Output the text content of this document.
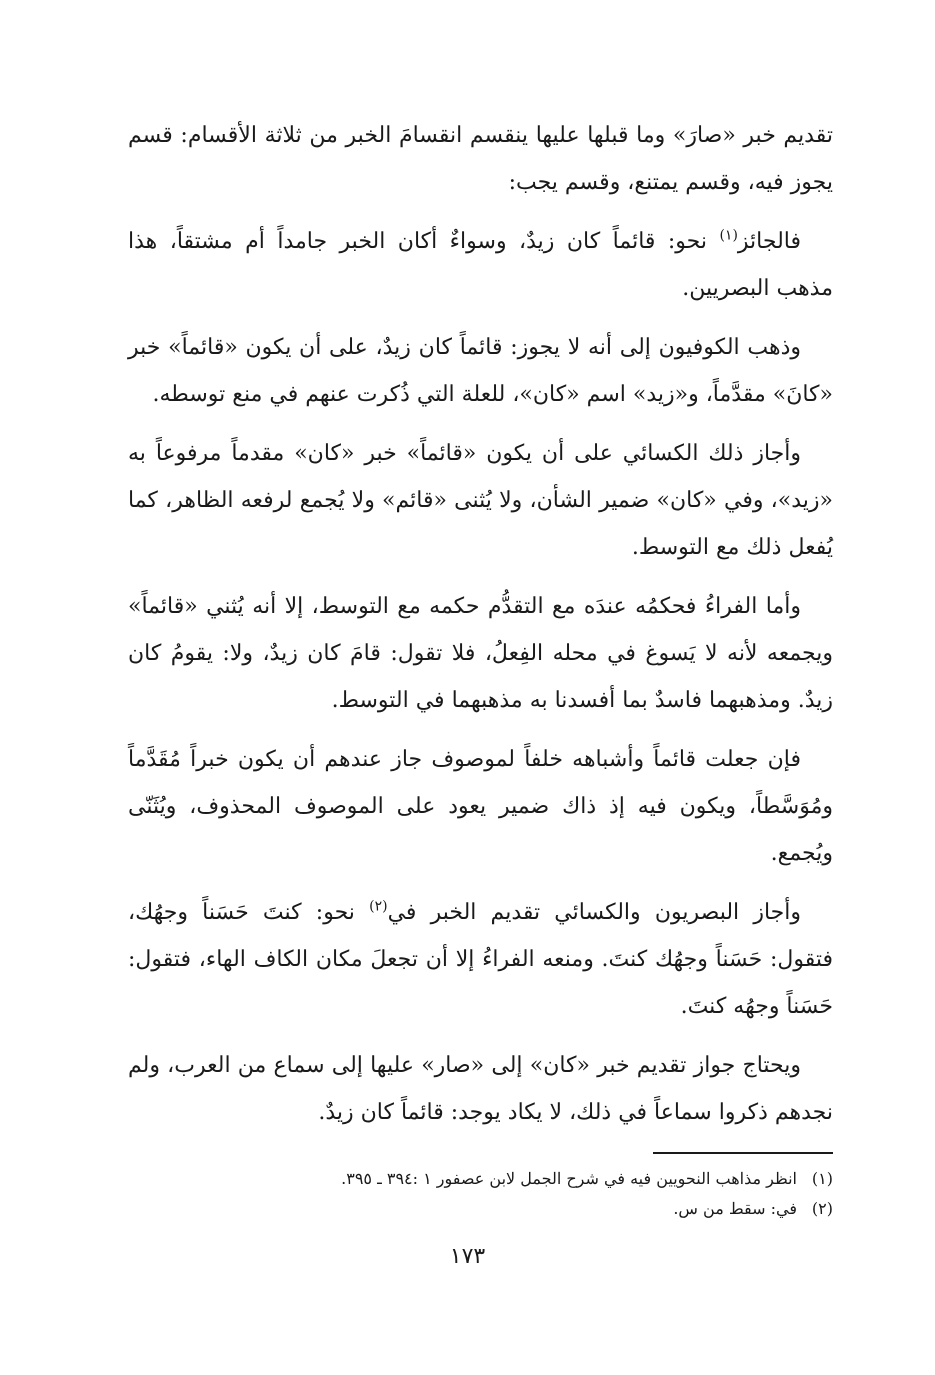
تقديم خبر «صارَ» وما قبلها عليها ينقسم انقسامَ الخبر من ثلاثة الأقسام: قسم يجوز فيه، وقسم يمتنع، وقسم يجب:

فالجائز$^{(١)}$ نحو: قائماً كان زيدٌ، وسواءٌ أكان الخبر جامداً أم مشتقاً، هذا مذهب البصريين.

وذهب الكوفيون إلى أنه لا يجوز: قائماً كان زيدٌ، على أن يكون «قائماً» خبر «كانَ» مقدَّماً، و«زيد» اسم «كان»، للعلة التي ذُكرت عنهم في منع توسطه.

وأجاز ذلك الكسائي على أن يكون «قائماً» خبر «كان» مقدماً مرفوعاً به «زيد»، وفي «كان» ضمير الشأن، ولا يُثنى «قائم» ولا يُجمع لرفعه الظاهر، كما يُفعل ذلك مع التوسط.

وأما الفراءُ فحكمُه عندَه مع التقدُّم حكمه مع التوسط، إلا أنه يُثني «قائماً» ويجمعه لأنه لا يَسوغ في محله الفِعلُ، فلا تقول: قامَ كان زيدٌ، ولا: يقومُ كان زيدٌ. ومذهبهما فاسدٌ بما أفسدنا به مذهبهما في التوسط.

فإن جعلت قائماً وأشباهه خلفاً لموصوف جاز عندهم أن يكون خبراً مُقَدَّماً ومُوَسَّطاً، ويكون فيه إذ ذاك ضمير يعود على الموصوف المحذوف، ويُثَنّى ويُجمع.

وأجاز البصريون والكسائي تقديم الخبر في$^{(٢)}$ نحو: كنتَ حَسَناً وجهُك، فتقول: حَسَناً وجهُك كنتَ. ومنعه الفراءُ إلا أن تجعلَ مكان الكاف الهاء، فتقول: حَسَناً وجهُه كنتَ.

ويحتاج جواز تقديم خبر «كان» إلى «صار» عليها إلى سماع من العرب، ولم نجدهم ذكروا سماعاً في ذلك، لا يكاد يوجد: قائماً كان زيدٌ.

(١)انظر مذاهب النحويين فيه في شرح الجمل لابن عصفور ١ :٣٩٤ ـ ٣٩٥.

(٢)في: سقط من س.

١٧٣
